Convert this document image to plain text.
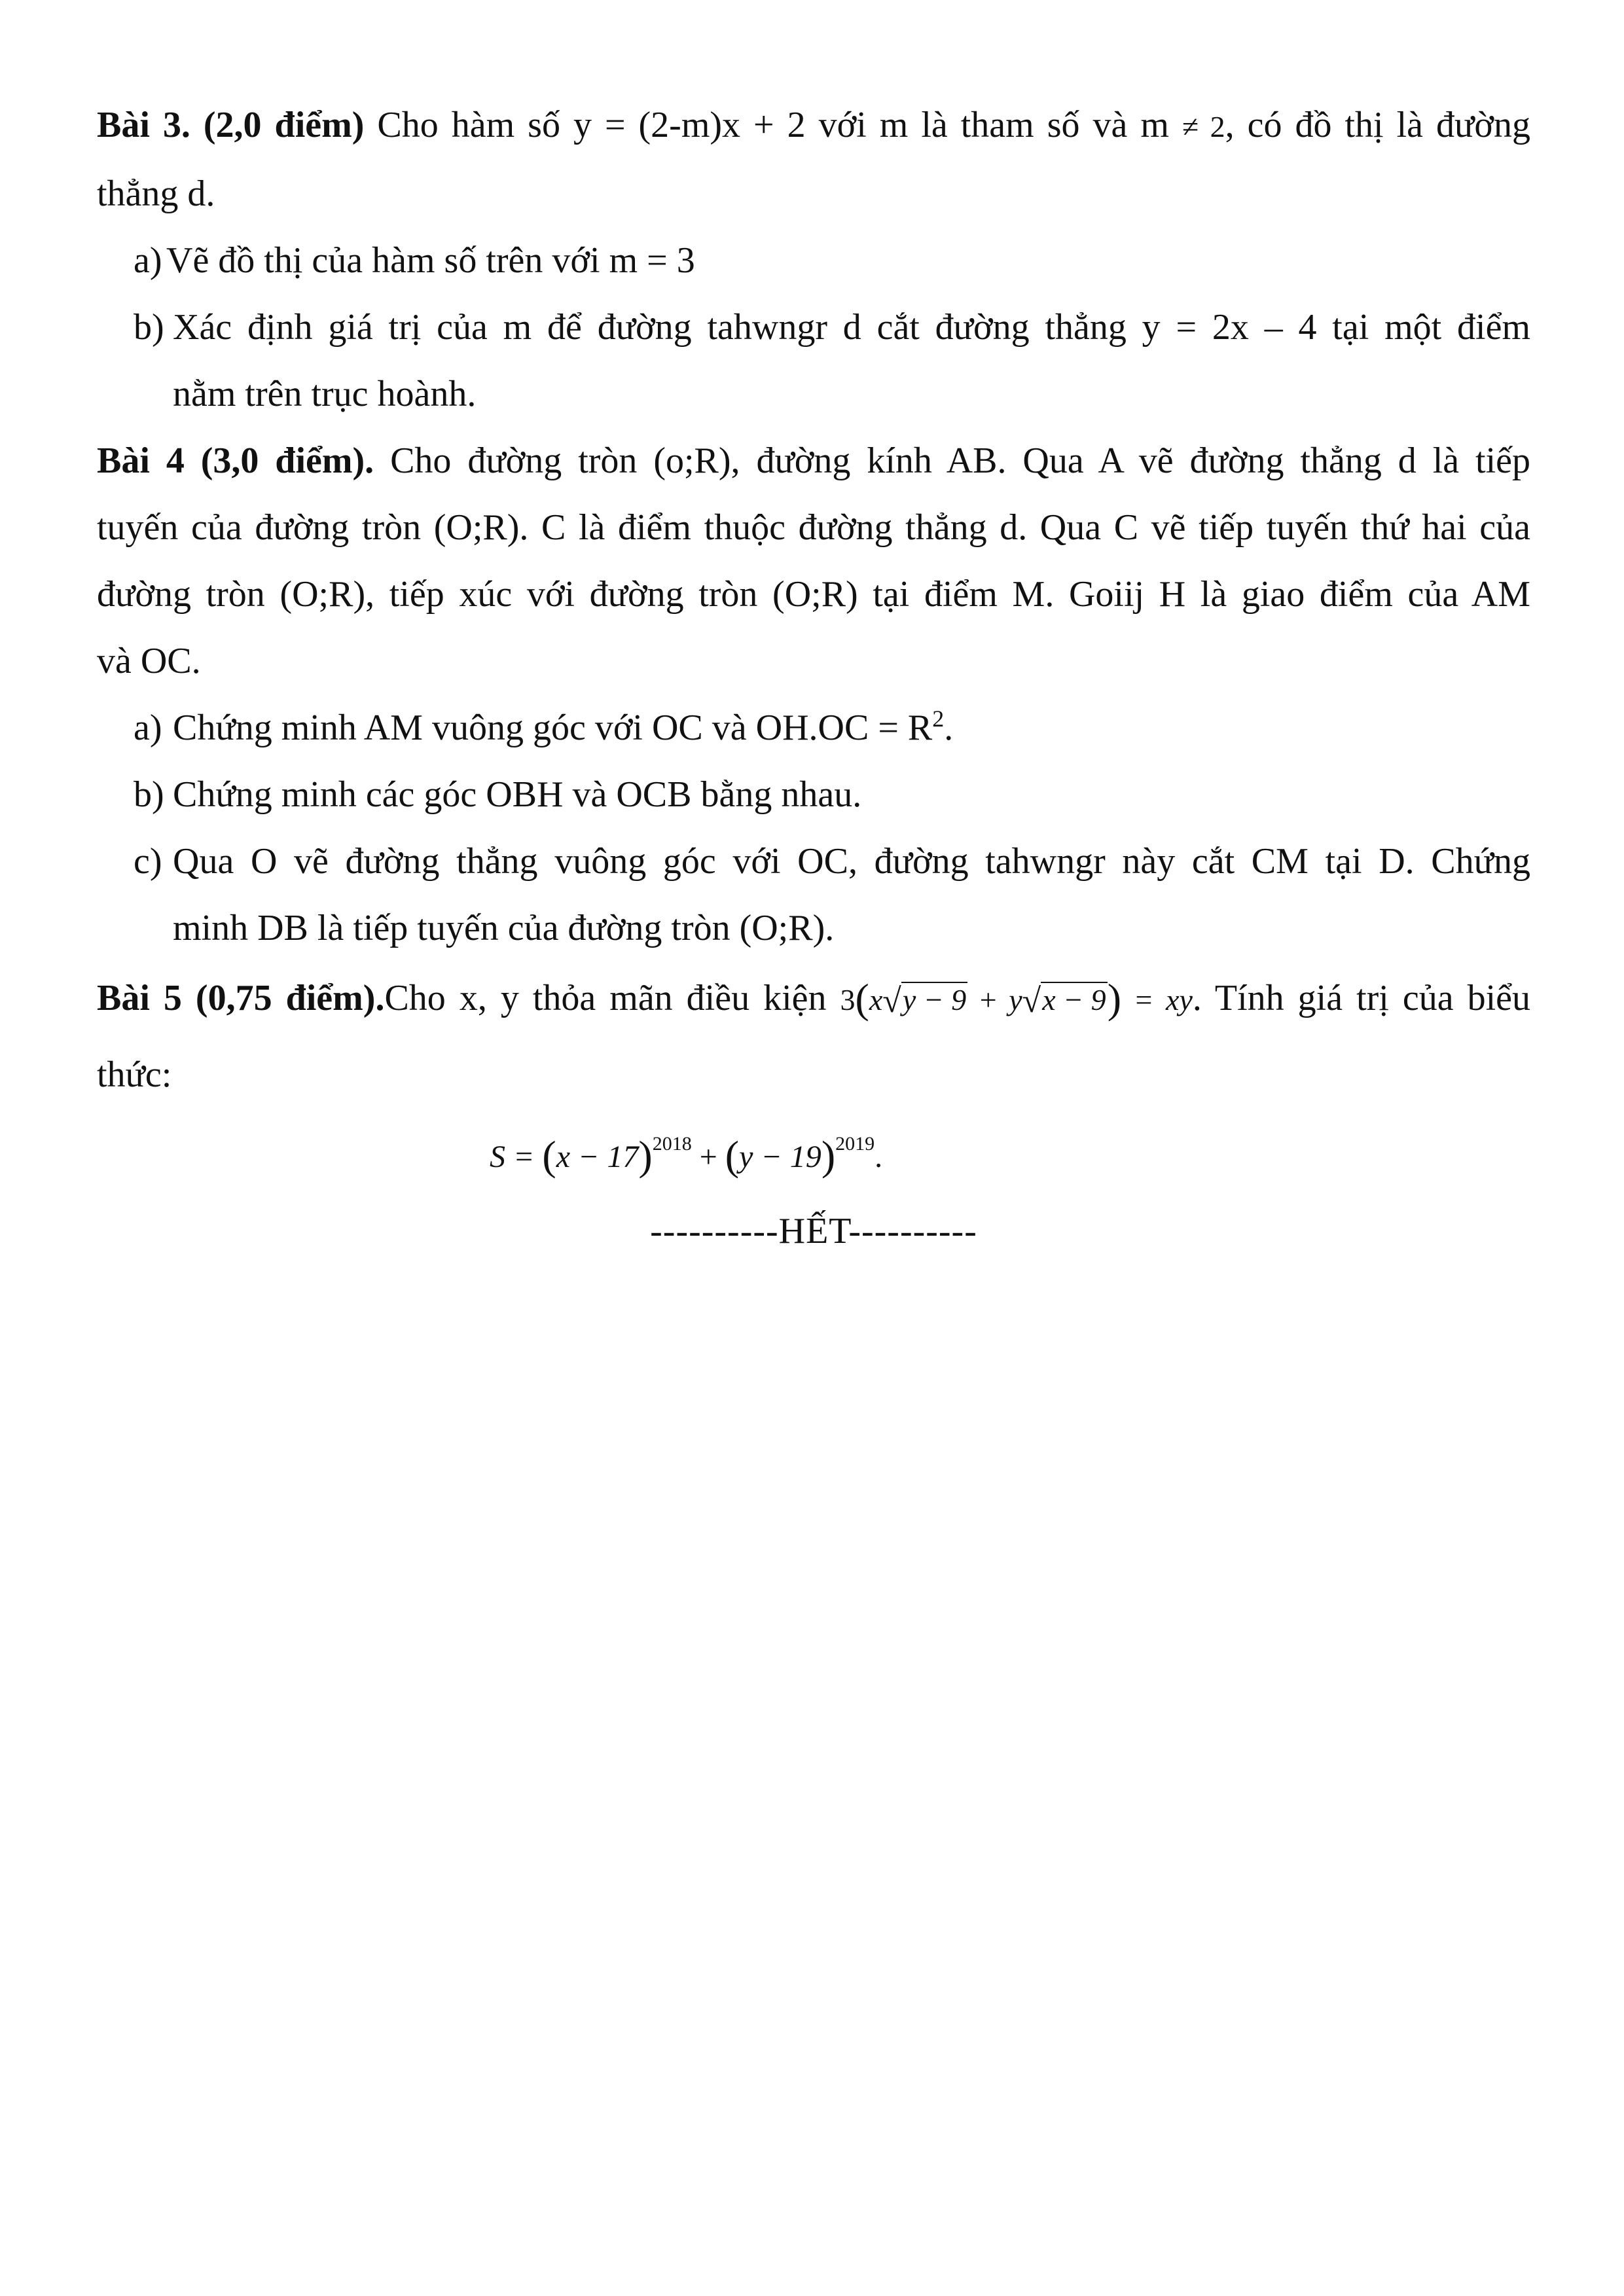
Bài 3. (2,0 điểm) Cho hàm số y = (2-m)x + 2 với m là tham số và m ≠ 2, có đồ thị là đường

thẳng d.

a) Vẽ đồ thị của hàm số trên với m = 3

b) Xác định giá trị của m để đường tahwngr d cắt đường thẳng y = 2x – 4 tại một điểm

nằm trên trục hoành.

Bài 4 (3,0 điểm). Cho đường tròn (o;R), đường kính AB. Qua A vẽ đường thẳng d là tiếp

tuyến của đường tròn (O;R). C là điểm thuộc đường thẳng d. Qua C vẽ tiếp tuyến thứ hai của

đường tròn (O;R), tiếp xúc với đường tròn (O;R) tại điểm M. Goiij H là giao điểm của AM

và OC.

a) Chứng minh AM vuông góc với OC và $OH.OC = R^2$.

b) Chứng minh các góc OBH và OCB bằng nhau.

c) Qua O vẽ đường thẳng vuông góc với OC, đường tahwngr này cắt CM tại D. Chứng

minh DB là tiếp tuyến của đường tròn (O;R).

Bài 5 (0,75 điểm).Cho x, y thỏa mãn điều kiện 3(x√y − 9 + y√x − 9) = xy. Tính giá trị của biểu

thức:

$S = (x - 17)^{2018} + (y - 19)^{2019}$.

----------HẾT----------
